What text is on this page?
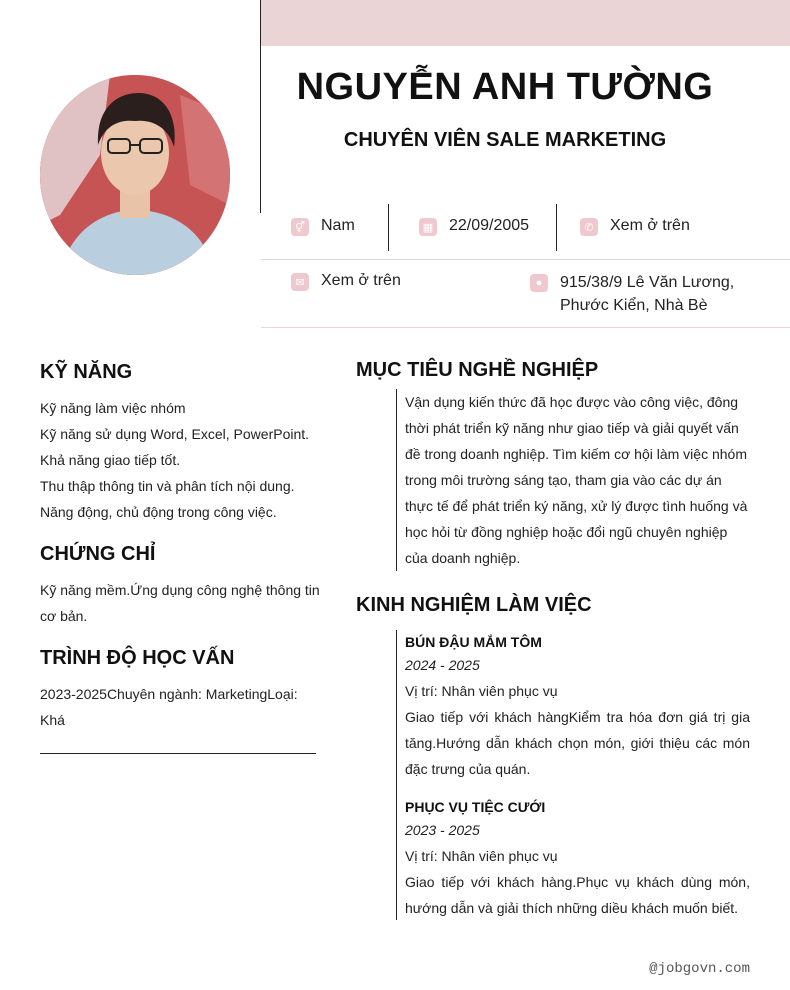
NGUYỄN ANH TƯỜNG
CHUYÊN VIÊN SALE MARKETING
⚥ Nam	▦ 22/09/2005	✆ Xem ở trên
✉ Xem ở trên	●	915/38/9 Lê Văn Lương,
Phước Kiển, Nhà Bè
KỸ NĂNG
Kỹ năng làm việc nhóm
Kỹ năng sử dụng Word, Excel, PowerPoint.
Khả năng giao tiếp tốt.
Thu thập thông tin và phân tích nội dung.
Năng động, chủ động trong công việc.
CHỨNG CHỈ
Kỹ năng mềm.Ứng dụng công nghệ thông tin
cơ bản.
TRÌNH ĐỘ HỌC VẤN
2023-2025Chuyên ngành: MarketingLoại:
Khá
MỤC TIÊU NGHỀ NGHIỆP
Vận dụng kiến thức đã học được vào công việc, đông
thời phát triển kỹ năng như giao tiếp và giải quyết vấn
đề trong doanh nghiệp. Tìm kiếm cơ hội làm việc nhóm
trong môi trường sáng tạo, tham gia vào các dự án
thực tế để phát triển ký năng, xử lý được tình huống và
học hỏi từ đồng nghiệp hoặc đổi ngũ chuyên nghiệp
của doanh nghiệp.
KINH NGHIỆM LÀM VIỆC
BÚN ĐẬU MẮM TÔM
2024 - 2025
Vị trí: Nhân viên phục vụ
Giao tiếp với khách hàngKiểm tra hóa đơn giá trị gia tăng.Hướng dẫn khách chọn món, giới thiệu các món đặc trưng của quán.
PHỤC VỤ TIỆC CƯỚI
2023 - 2025
Vị trí: Nhân viên phục vụ
Giao tiếp với khách hàng.Phục vụ khách dùng món, hướng dẫn và giải thích những diều khách muốn biết.
@jobgovn.com
